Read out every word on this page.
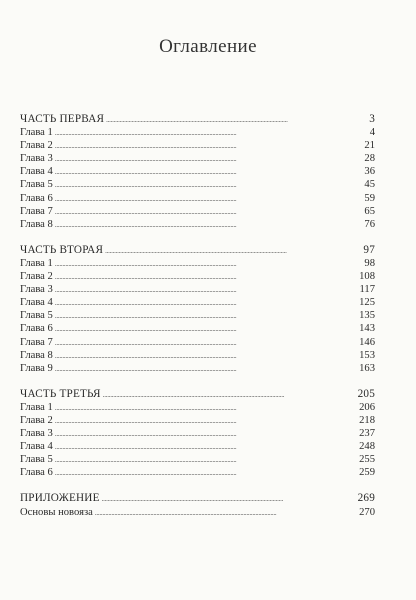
Оглавление
ЧАСТЬ ПЕРВАЯ . . .	3
Глава 1 . . .	4
Глава 2 . . .	21
Глава 3 . . .	28
Глава 4 . . .	36
Глава 5 . . .	45
Глава 6 . . .	59
Глава 7 . . .	65
Глава 8 . . .	76
ЧАСТЬ ВТОРАЯ . . .	97
Глава 1 . . .	98
Глава 2 . . .	108
Глава 3 . . .	117
Глава 4 . . .	125
Глава 5 . . .	135
Глава 6 . . .	143
Глава 7 . . .	146
Глава 8 . . .	153
Глава 9 . . .	163
ЧАСТЬ ТРЕТЬЯ . . .	205
Глава 1 . . .	206
Глава 2 . . .	218
Глава 3 . . .	237
Глава 4 . . .	248
Глава 5 . . .	255
Глава 6 . . .	259
ПРИЛОЖЕНИЕ . . .	269
Основы новояза . . .	270
